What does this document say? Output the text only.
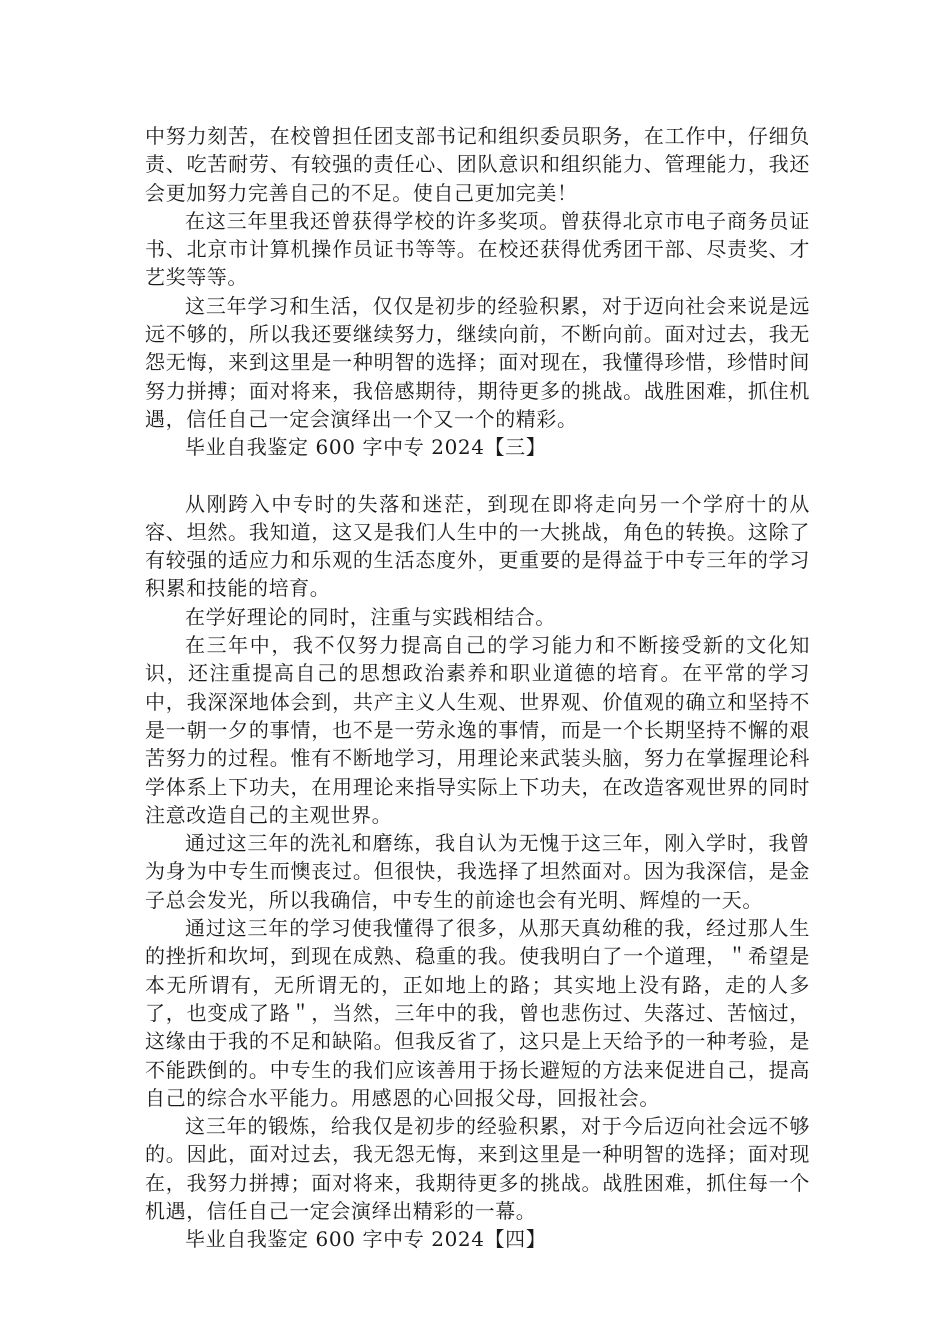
中努力刻苦，在校曾担任团支部书记和组织委员职务，在工作中，仔细负责、吃苦耐劳、有较强的责任心、团队意识和组织能力、管理能力，我还会更加努力完善自己的不足。使自己更加完美！

在这三年里我还曾获得学校的许多奖项。曾获得北京市电子商务员证书、北京市计算机操作员证书等等。在校还获得优秀团干部、尽责奖、才艺奖等等。

这三年学习和生活，仅仅是初步的经验积累，对于迈向社会来说是远远不够的，所以我还要继续努力，继续向前，不断向前。面对过去，我无怨无悔，来到这里是一种明智的选择；面对现在，我懂得珍惜，珍惜时间努力拼搏；面对将来，我倍感期待，期待更多的挑战。战胜困难，抓住机遇，信任自己一定会演绎出一个又一个的精彩。

毕业自我鉴定 600 字中专 2024【三】

从刚跨入中专时的失落和迷茫，到现在即将走向另一个学府十的从容、坦然。我知道，这又是我们人生中的一大挑战，角色的转换。这除了有较强的适应力和乐观的生活态度外，更重要的是得益于中专三年的学习积累和技能的培育。

在学好理论的同时，注重与实践相结合。

在三年中，我不仅努力提高自己的学习能力和不断接受新的文化知识，还注重提高自己的思想政治素养和职业道德的培育。在平常的学习中，我深深地体会到，共产主义人生观、世界观、价值观的确立和坚持不是一朝一夕的事情，也不是一劳永逸的事情，而是一个长期坚持不懈的艰苦努力的过程。惟有不断地学习，用理论来武装头脑，努力在掌握理论科学体系上下功夫，在用理论来指导实际上下功夫，在改造客观世界的同时注意改造自己的主观世界。

通过这三年的洗礼和磨练，我自认为无愧于这三年，刚入学时，我曾为身为中专生而懊丧过。但很快，我选择了坦然面对。因为我深信，是金子总会发光，所以我确信，中专生的前途也会有光明、辉煌的一天。

通过这三年的学习使我懂得了很多，从那天真幼稚的我，经过那人生的挫折和坎坷，到现在成熟、稳重的我。使我明白了一个道理，＂希望是本无所谓有，无所谓无的，正如地上的路；其实地上没有路，走的人多了，也变成了路＂，当然，三年中的我，曾也悲伤过、失落过、苦恼过，这缘由于我的不足和缺陷。但我反省了，这只是上天给予的一种考验，是不能跌倒的。中专生的我们应该善用于扬长避短的方法来促进自己，提高自己的综合水平能力。用感恩的心回报父母，回报社会。

这三年的锻炼，给我仅是初步的经验积累，对于今后迈向社会远不够的。因此，面对过去，我无怨无悔，来到这里是一种明智的选择；面对现在，我努力拼搏；面对将来，我期待更多的挑战。战胜困难，抓住每一个机遇，信任自己一定会演绎出精彩的一幕。

毕业自我鉴定 600 字中专 2024【四】
